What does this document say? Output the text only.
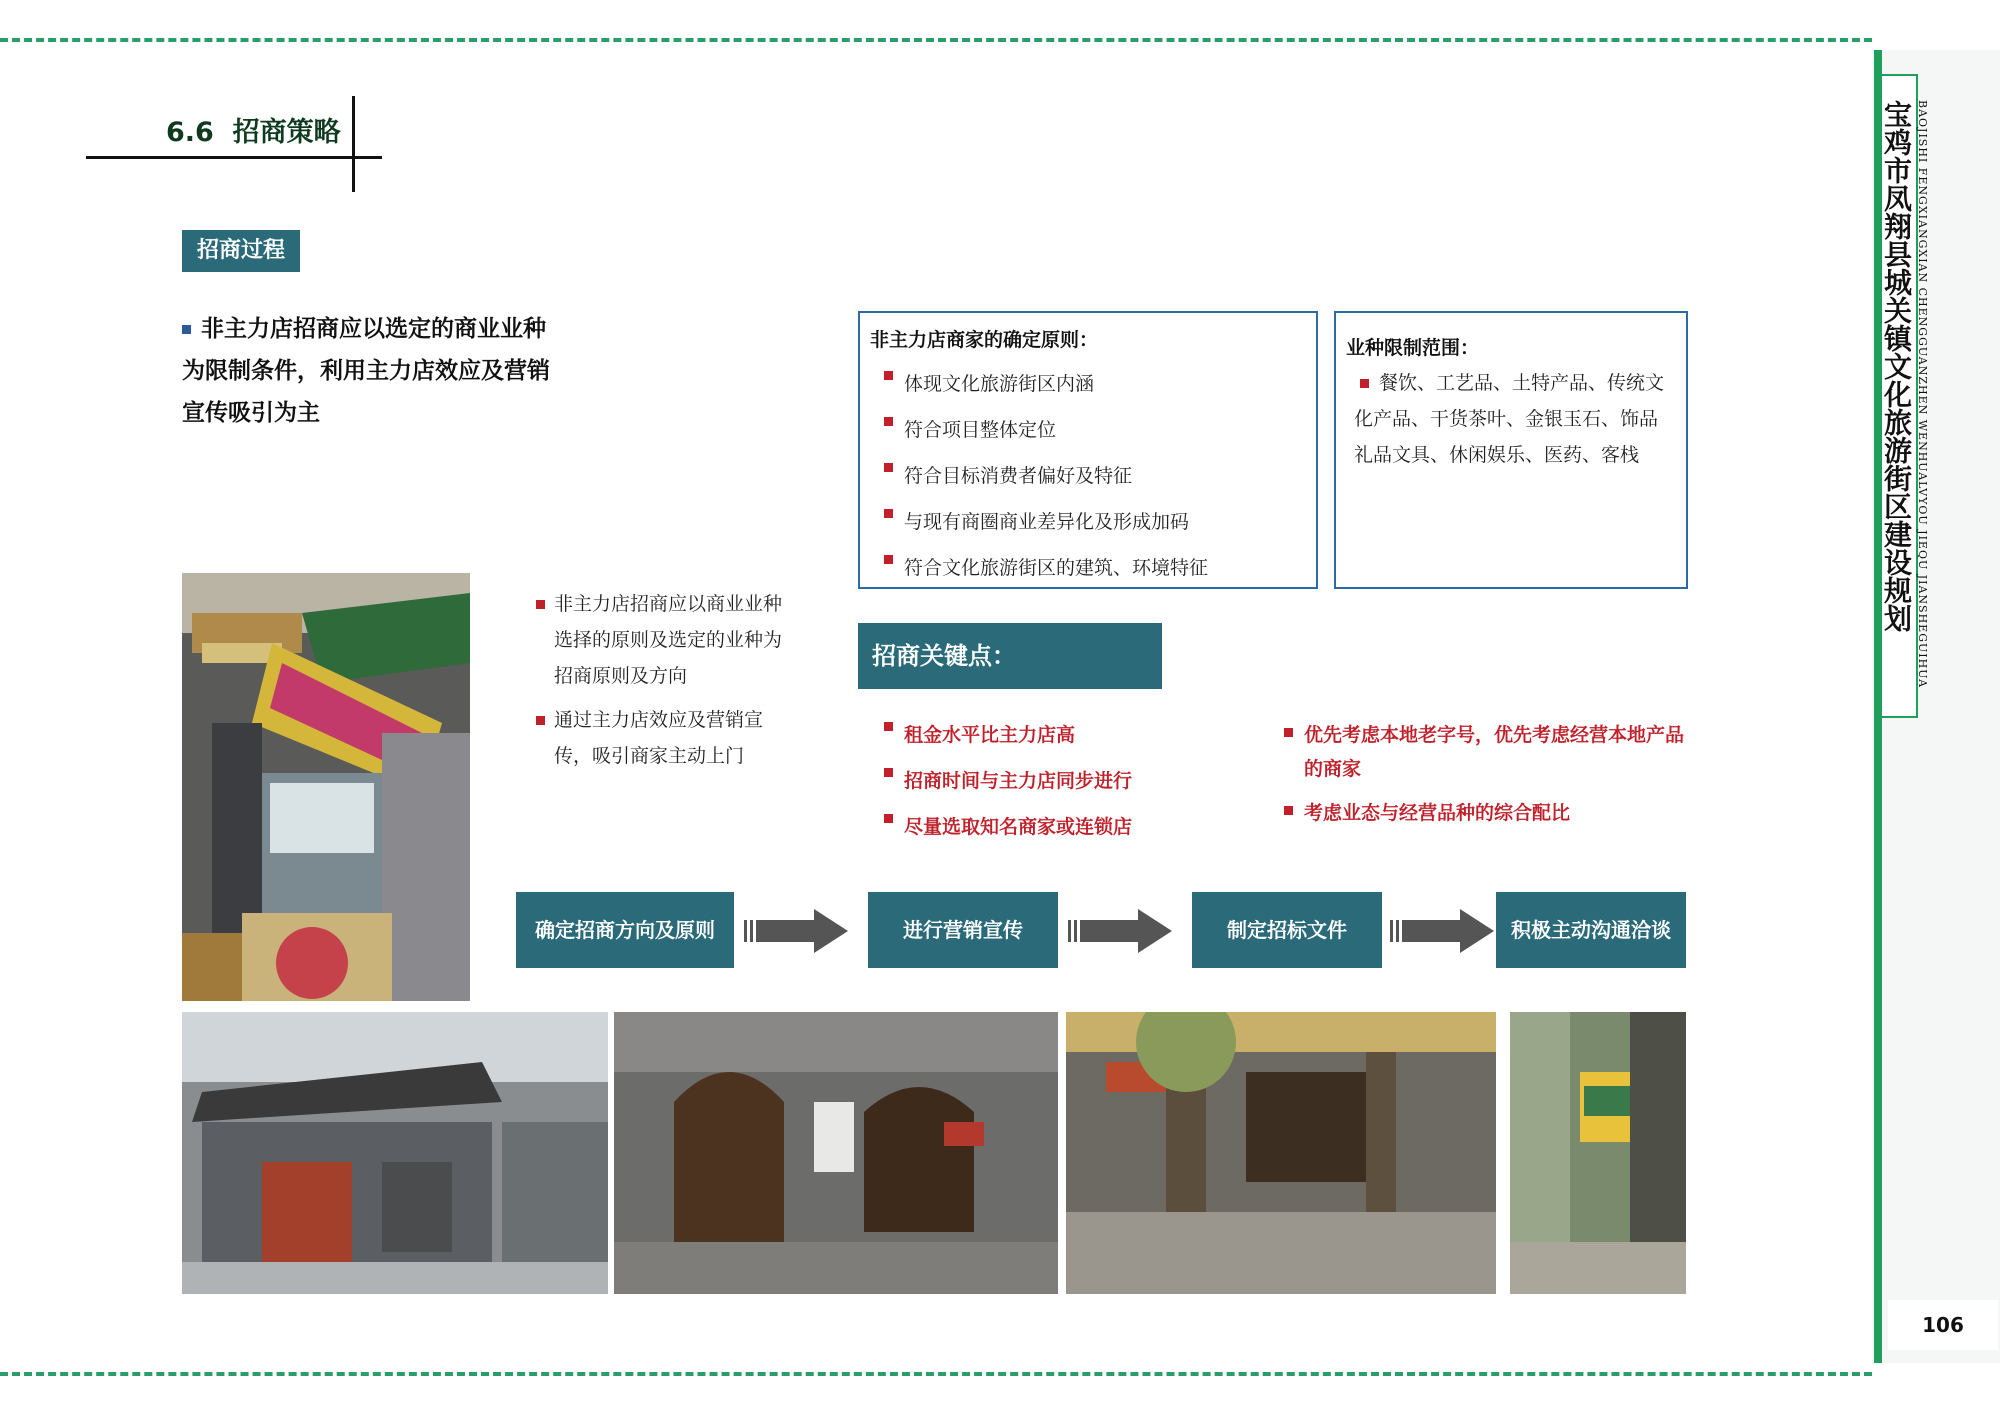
6.6 招商策略
招商过程
非主力店招商应以选定的商业业种为限制条件，利用主力店效应及营销宣传吸引为主
非主力店商家的确定原则：
体现文化旅游街区内涵
符合项目整体定位
符合目标消费者偏好及特征
与现有商圈商业差异化及形成加码
符合文化旅游街区的建筑、环境特征
业种限制范围：
餐饮、工艺品、土特产品、传统文化产品、干货茶叶、金银玉石、饰品礼品文具、休闲娱乐、医药、客栈
非主力店招商应以商业业种选择的原则及选定的业种为招商原则及方向
通过主力店效应及营销宣传，吸引商家主动上门
招商关键点：
租金水平比主力店高
招商时间与主力店同步进行
尽量选取知名商家或连锁店
优先考虑本地老字号，优先考虑经营本地产品的商家
考虑业态与经营品种的综合配比
确定招商方向及原则	进行营销宣传	制定招标文件	积极主动沟通洽谈
宝鸡市凤翔县城关镇文化旅游街区建设规划 BAOJISHI FENGXIANGXIAN CHENGGUANZHEN WENHUALVYOU JIEQU JIANSHEGUIHUA
106
